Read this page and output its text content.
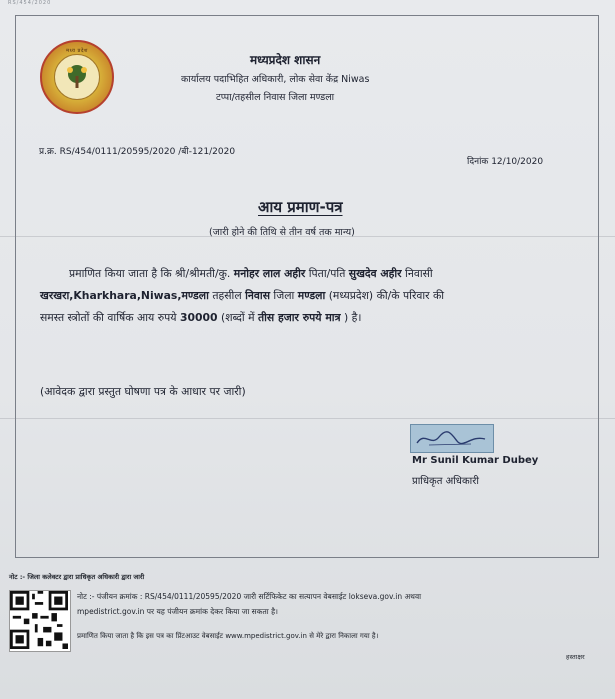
RS/454/2020
मध्य प्रदेश
मध्यप्रदेश शासन
कार्यालय पदाभिहित अधिकारी, लोक सेवा केंद्र Niwas
टप्पा/तहसील निवास जिला मण्डला
प्र.क्र. RS/454/0111/20595/2020 /बी-121/2020
दिनांक 12/10/2020
आय प्रमाण-पत्र
(जारी होने की तिथि से तीन वर्ष तक मान्य)
प्रमाणित किया जाता है कि श्री/श्रीमती/कु. मनोहर लाल अहीर पिता/पति सुखदेव अहीर निवासी
खरखरा,Kharkhara,Niwas,मण्डला तहसील निवास जिला मण्डला (मध्यप्रदेश) की/के परिवार की
समस्त स्त्रोतों की वार्षिक आय रुपये 30000 (शब्दों में तीस हजार रुपये मात्र ) है।
(आवेदक द्वारा प्रस्तुत घोषणा पत्र के आधार पर जारी)
Mr Sunil Kumar Dubey
प्राधिकृत अधिकारी
नोट :- जिला कलेक्टर द्वारा प्राधिकृत अधिकारी द्वारा जारी
नोट :- पंजीयन क्रमांक : RS/454/0111/20595/2020 जारी सर्टिफिकेट का सत्यापन वेबसाईट lokseva.gov.in अथवा
mpedistrict.gov.in पर यह पंजीयन क्रमांक देकर किया जा सकता है।
प्रमाणित किया जाता है कि इस पत्र का प्रिंटआउट वेबसाईट www.mpedistrict.gov.in से मेरे द्वारा निकाला गया है।
हस्ताक्षर
